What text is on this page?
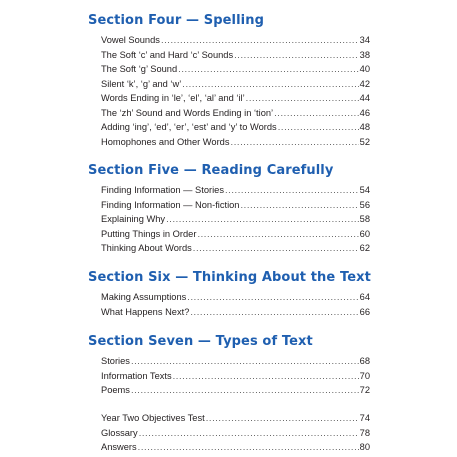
Section Four — Spelling
Vowel Sounds .....	34
The Soft ‘c’ and Hard ‘c’ Sounds .....	38
The Soft ‘g’ Sound .....	40
Silent ‘k’, ‘g’ and ‘w’ .....	42
Words Ending in ‘le’, ‘el’, ‘al’ and ‘il’ .....	44
The ‘zh’ Sound and Words Ending in ‘tion’ .....	46
Adding ‘ing’, ‘ed’, ‘er’, ‘est’ and ‘y’ to Words .....	48
Homophones and Other Words .....	52
Section Five — Reading Carefully
Finding Information — Stories .....	54
Finding Information — Non-fiction .....	56
Explaining Why .....	58
Putting Things in Order .....	60
Thinking About Words .....	62
Section Six — Thinking About the Text
Making Assumptions .....	64
What Happens Next? .....	66
Section Seven — Types of Text
Stories .....	68
Information Texts .....	70
Poems .....	72
Year Two Objectives Test .....	74
Glossary .....	78
Answers .....	80
